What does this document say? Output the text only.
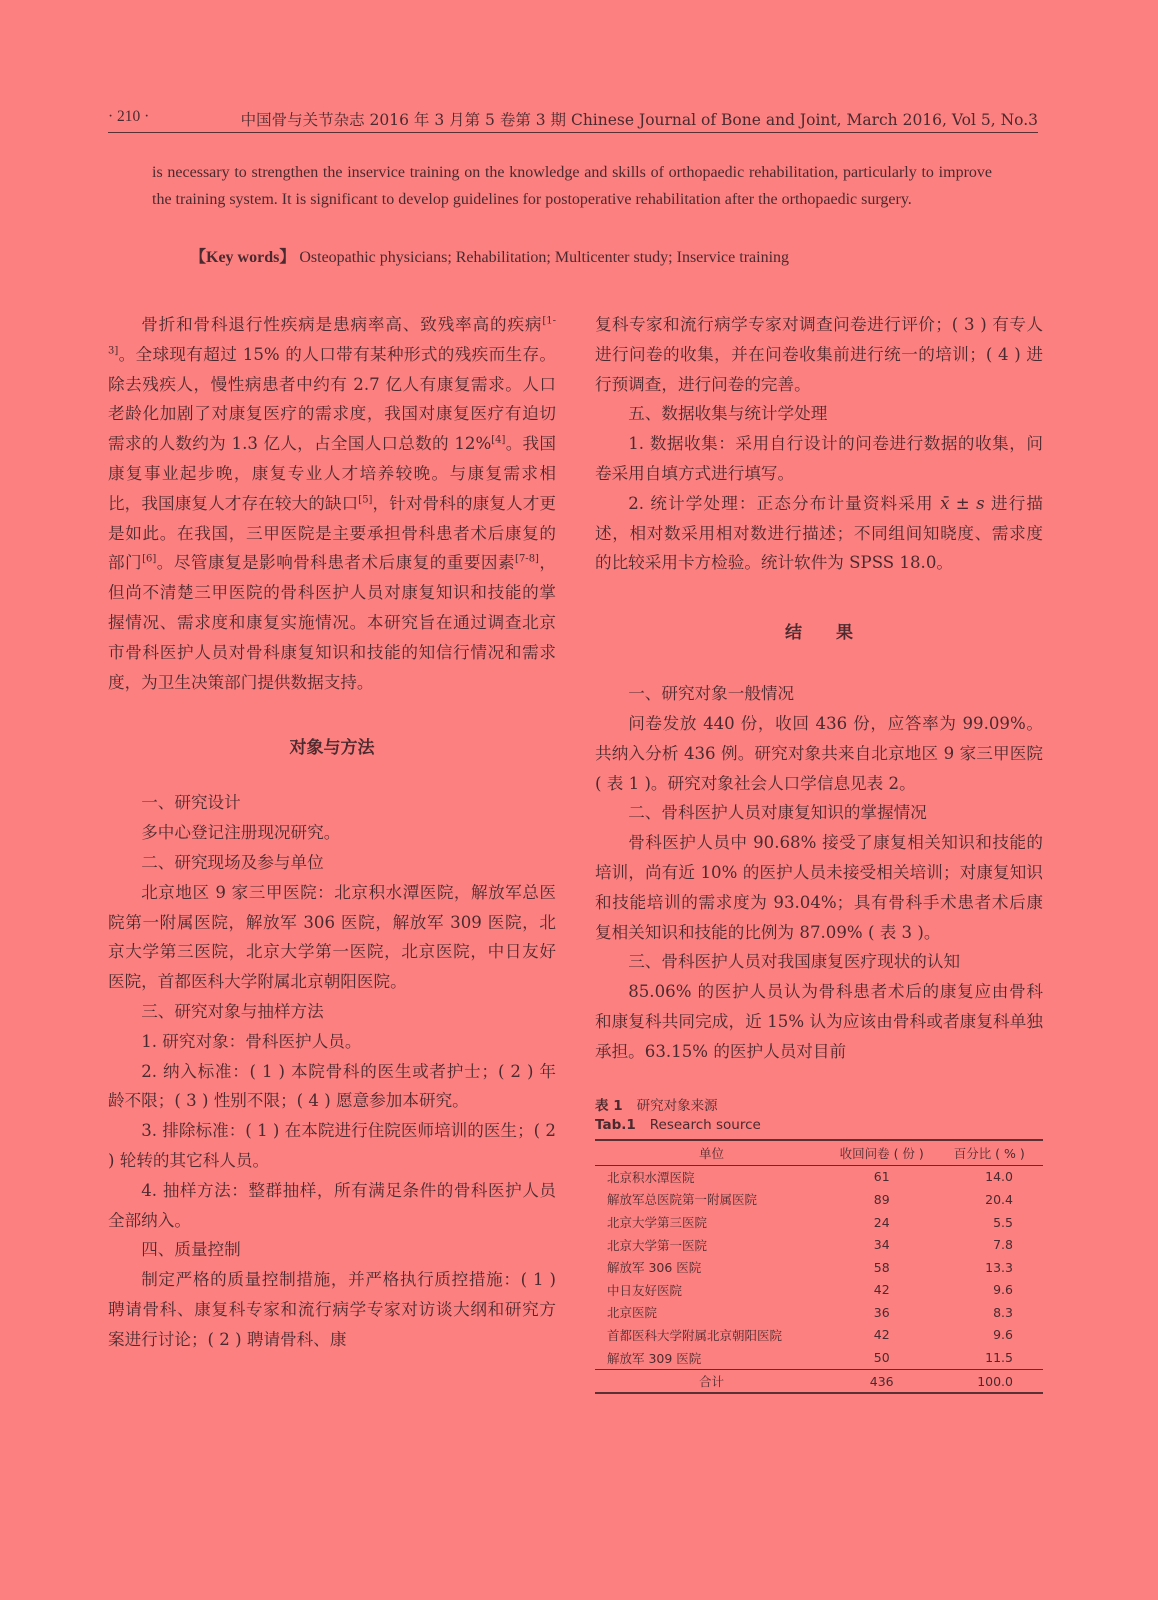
· 210 ·	中国骨与关节杂志 2016 年 3 月第 5 卷第 3 期 Chinese Journal of Bone and Joint, March 2016, Vol 5, No.3

is necessary to strengthen the inservice training on the knowledge and skills of orthopaedic rehabilitation, particularly to improve the training system. It is significant to develop guidelines for postoperative rehabilitation after the orthopaedic surgery.

【Key words】 Osteopathic physicians; Rehabilitation; Multicenter study; Inservice training

骨折和骨科退行性疾病是患病率高、致残率高的疾病[1-3]。全球现有超过 15% 的人口带有某种形式的残疾而生存。除去残疾人，慢性病患者中约有 2.7 亿人有康复需求。人口老龄化加剧了对康复医疗的需求度，我国对康复医疗有迫切需求的人数约为 1.3 亿人，占全国人口总数的 12%[4]。我国康复事业起步晚，康复专业人才培养较晚。与康复需求相比，我国康复人才存在较大的缺口[5]，针对骨科的康复人才更是如此。在我国，三甲医院是主要承担骨科患者术后康复的部门[6]。尽管康复是影响骨科患者术后康复的重要因素[7-8]，但尚不清楚三甲医院的骨科医护人员对康复知识和技能的掌握情况、需求度和康复实施情况。本研究旨在通过调查北京市骨科医护人员对骨科康复知识和技能的知信行情况和需求度，为卫生决策部门提供数据支持。

对象与方法

一、研究设计

多中心登记注册现况研究。

二、研究现场及参与单位

北京地区 9 家三甲医院：北京积水潭医院，解放军总医院第一附属医院，解放军 306 医院，解放军 309 医院，北京大学第三医院，北京大学第一医院，北京医院，中日友好医院，首都医科大学附属北京朝阳医院。

三、研究对象与抽样方法

1. 研究对象：骨科医护人员。

2. 纳入标准：( 1 ) 本院骨科的医生或者护士；( 2 ) 年龄不限；( 3 ) 性别不限；( 4 ) 愿意参加本研究。

3. 排除标准：( 1 ) 在本院进行住院医师培训的医生；( 2 ) 轮转的其它科人员。

4. 抽样方法：整群抽样，所有满足条件的骨科医护人员全部纳入。

四、质量控制

制定严格的质量控制措施，并严格执行质控措施：( 1 ) 聘请骨科、康复科专家和流行病学专家对访谈大纲和研究方案进行讨论；( 2 ) 聘请骨科、康

复科专家和流行病学专家对调查问卷进行评价；( 3 ) 有专人进行问卷的收集，并在问卷收集前进行统一的培训；( 4 ) 进行预调查，进行问卷的完善。

五、数据收集与统计学处理

1. 数据收集：采用自行设计的问卷进行数据的收集，问卷采用自填方式进行填写。

2. 统计学处理：正态分布计量资料采用 x̄ ± s 进行描述，相对数采用相对数进行描述；不同组间知晓度、需求度的比较采用卡方检验。统计软件为 SPSS 18.0。

结　　果

一、研究对象一般情况

问卷发放 440 份，收回 436 份，应答率为 99.09%。共纳入分析 436 例。研究对象共来自北京地区 9 家三甲医院 ( 表 1 )。研究对象社会人口学信息见表 2。

二、骨科医护人员对康复知识的掌握情况

骨科医护人员中 90.68% 接受了康复相关知识和技能的培训，尚有近 10% 的医护人员未接受相关培训；对康复知识和技能培训的需求度为 93.04%；具有骨科手术患者术后康复相关知识和技能的比例为 87.09% ( 表 3 )。

三、骨科医护人员对我国康复医疗现状的认知

85.06% 的医护人员认为骨科患者术后的康复应由骨科和康复科共同完成，近 15% 认为应该由骨科或者康复科单独承担。63.15% 的医护人员对目前

表 1 研究对象来源
Tab.1 Research source
单位	收回问卷 ( 份 )	百分比 ( % )
北京积水潭医院	61	14.0
解放军总医院第一附属医院	89	20.4
北京大学第三医院	24	5.5
北京大学第一医院	34	7.8
解放军 306 医院	58	13.3
中日友好医院	42	9.6
北京医院	36	8.3
首都医科大学附属北京朝阳医院	42	9.6
解放军 309 医院	50	11.5
合计	436	100.0
